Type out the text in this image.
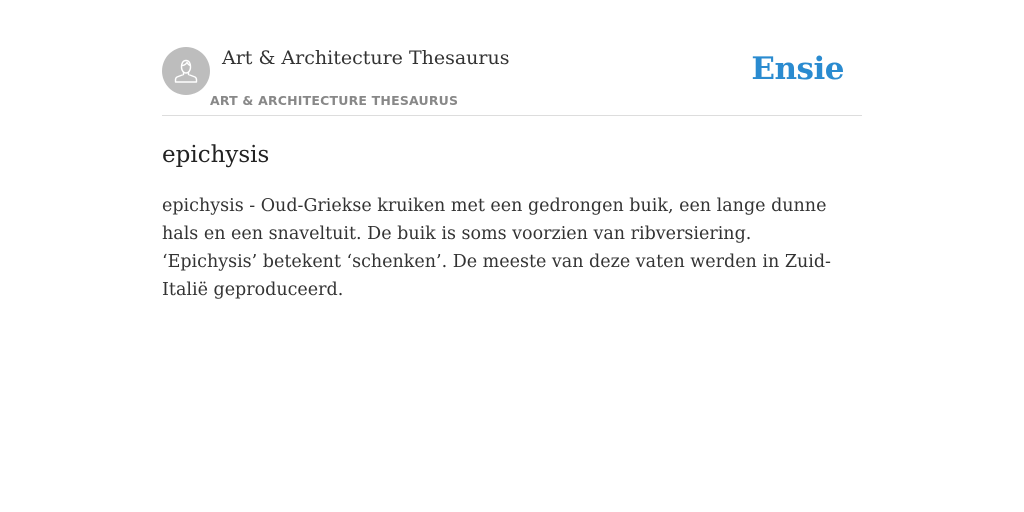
Art & Architecture Thesaurus
ART & ARCHITECTURE THESAURUS
Ensie
epichysis

epichysis - Oud-Griekse kruiken met een gedrongen buik, een lange dunne hals en een snaveltuit. De buik is soms voorzien van ribversiering. ‘Epichysis’ betekent ‘schenken’. De meeste van deze vaten werden in Zuid-Italië geproduceerd.
